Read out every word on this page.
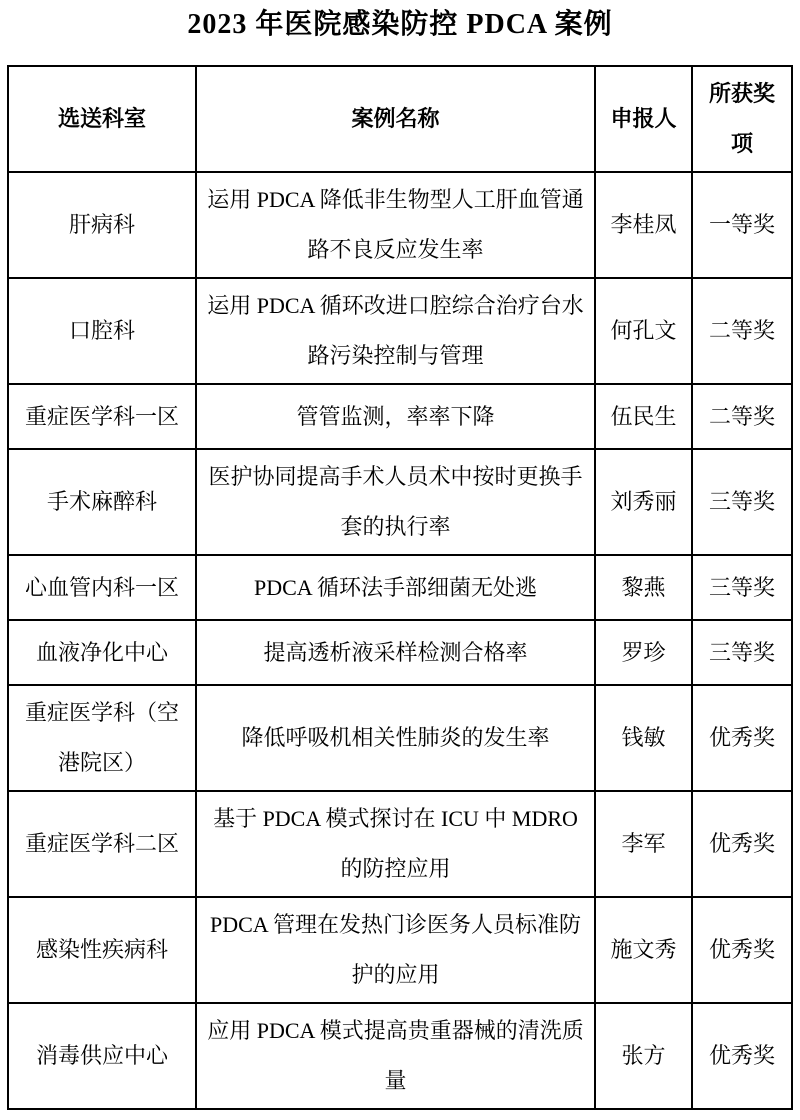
2023 年医院感染防控 PDCA 案例
选送科室	案例名称	申报人	所获奖项
肝病科	运用 PDCA 降低非生物型人工肝血管通路不良反应发生率	李桂凤	一等奖
口腔科	运用 PDCA 循环改进口腔综合治疗台水路污染控制与管理	何孔文	二等奖
重症医学科一区	管管监测，率率下降	伍民生	二等奖
手术麻醉科	医护协同提高手术人员术中按时更换手套的执行率	刘秀丽	三等奖
心血管内科一区	PDCA 循环法手部细菌无处逃	黎燕	三等奖
血液净化中心	提高透析液采样检测合格率	罗珍	三等奖
重症医学科（空港院区）	降低呼吸机相关性肺炎的发生率	钱敏	优秀奖
重症医学科二区	基于 PDCA 模式探讨在 ICU 中 MDRO 的防控应用	李军	优秀奖
感染性疾病科	PDCA 管理在发热门诊医务人员标准防护的应用	施文秀	优秀奖
消毒供应中心	应用 PDCA 模式提高贵重器械的清洗质量	张方	优秀奖
